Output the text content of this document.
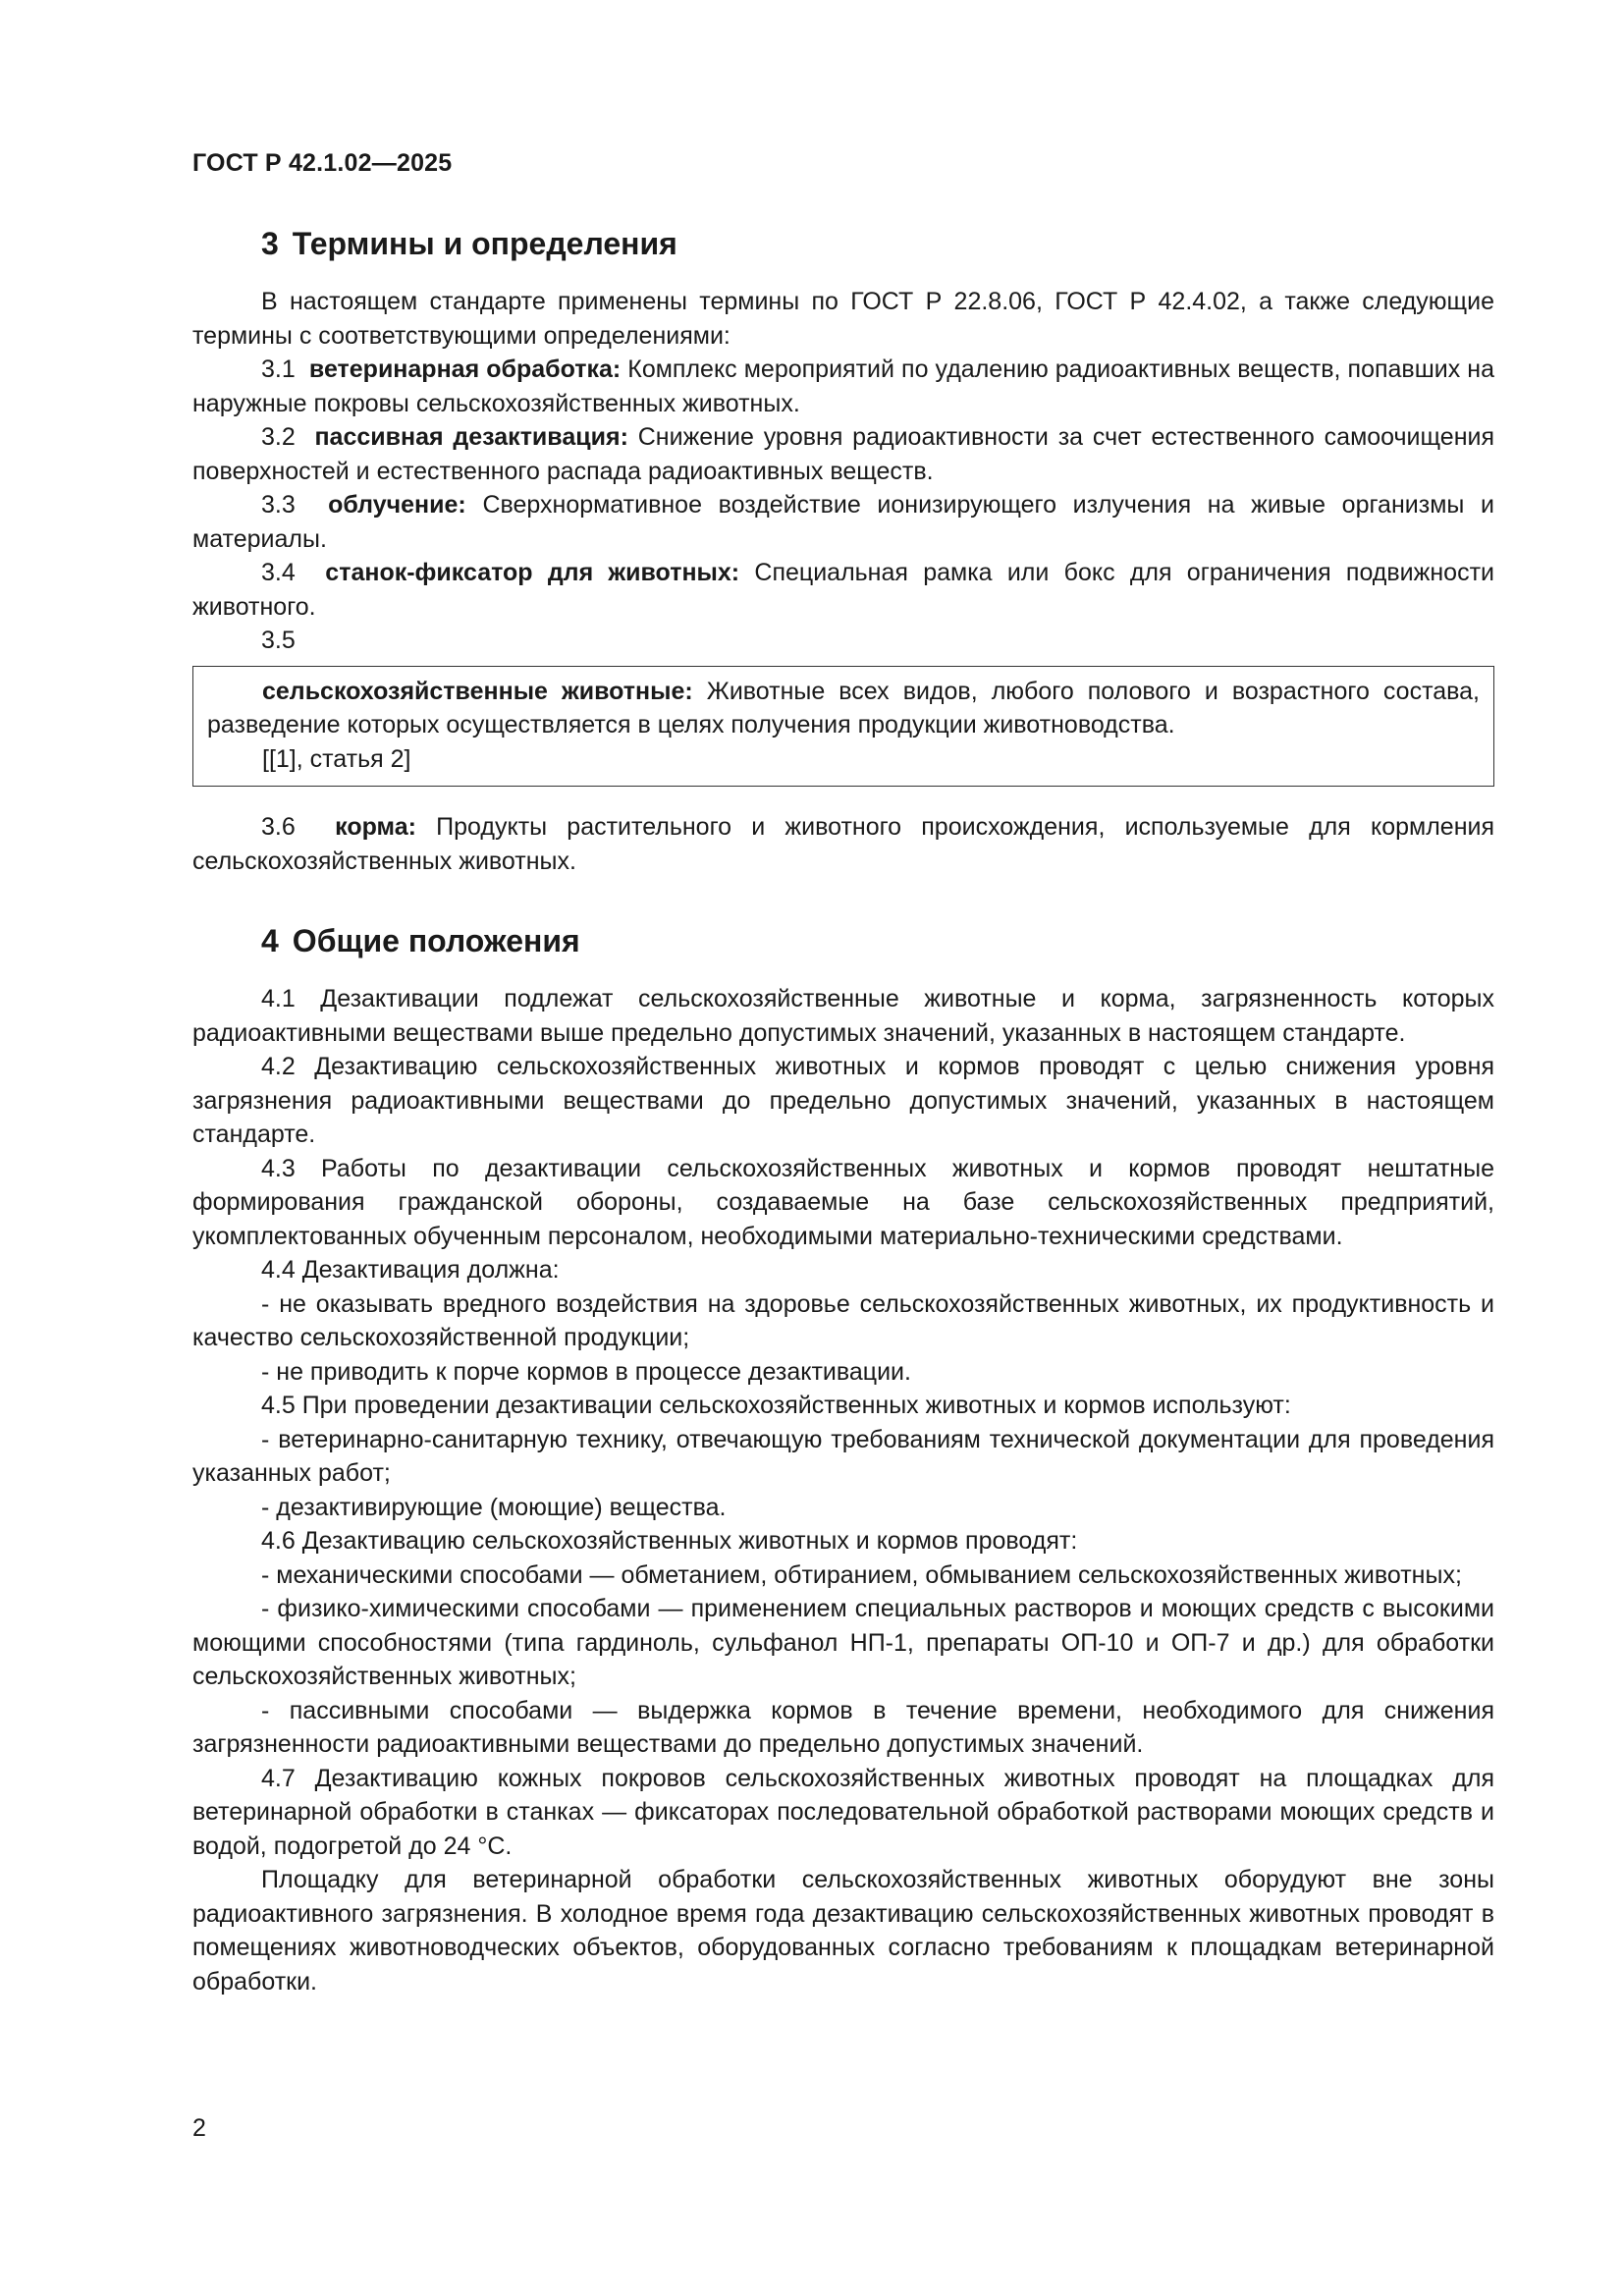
ГОСТ Р 42.1.02—2025
3 Термины и определения

В настоящем стандарте применены термины по ГОСТ Р 22.8.06, ГОСТ Р 42.4.02, а также следующие термины с соответствующими определениями:

3.1 ветеринарная обработка: Комплекс мероприятий по удалению радиоактивных веществ, попавших на наружные покровы сельскохозяйственных животных.

3.2 пассивная дезактивация: Снижение уровня радиоактивности за счет естественного самоочищения поверхностей и естественного распада радиоактивных веществ.

3.3 облучение: Сверхнормативное воздействие ионизирующего излучения на живые организмы и материалы.

3.4 станок-фиксатор для животных: Специальная рамка или бокс для ограничения подвижности животного.

3.5

сельскохозяйственные животные: Животные всех видов, любого полового и возрастного состава, разведение которых осуществляется в целях получения продукции животноводства.

[[1], статья 2]

3.6 корма: Продукты растительного и животного происхождения, используемые для кормления сельскохозяйственных животных.

4 Общие положения

4.1 Дезактивации подлежат сельскохозяйственные животные и корма, загрязненность которых радиоактивными веществами выше предельно допустимых значений, указанных в настоящем стандарте.

4.2 Дезактивацию сельскохозяйственных животных и кормов проводят с целью снижения уровня загрязнения радиоактивными веществами до предельно допустимых значений, указанных в настоящем стандарте.

4.3 Работы по дезактивации сельскохозяйственных животных и кормов проводят нештатные формирования гражданской обороны, создаваемые на базе сельскохозяйственных предприятий, укомплектованных обученным персоналом, необходимыми материально-техническими средствами.

4.4 Дезактивация должна:

- не оказывать вредного воздействия на здоровье сельскохозяйственных животных, их продуктивность и качество сельскохозяйственной продукции;

- не приводить к порче кормов в процессе дезактивации.

4.5 При проведении дезактивации сельскохозяйственных животных и кормов используют:

- ветеринарно-санитарную технику, отвечающую требованиям технической документации для проведения указанных работ;

- дезактивирующие (моющие) вещества.

4.6 Дезактивацию сельскохозяйственных животных и кормов проводят:

- механическими способами — обметанием, обтиранием, обмыванием сельскохозяйственных животных;

- физико-химическими способами — применением специальных растворов и моющих средств с высокими моющими способностями (типа гардиноль, сульфанол НП-1, препараты ОП-10 и ОП-7 и др.) для обработки сельскохозяйственных животных;

- пассивными способами — выдержка кормов в течение времени, необходимого для снижения загрязненности радиоактивными веществами до предельно допустимых значений.

4.7 Дезактивацию кожных покровов сельскохозяйственных животных проводят на площадках для ветеринарной обработки в станках — фиксаторах последовательной обработкой растворами моющих средств и водой, подогретой до 24 °С.

Площадку для ветеринарной обработки сельскохозяйственных животных оборудуют вне зоны радиоактивного загрязнения. В холодное время года дезактивацию сельскохозяйственных животных проводят в помещениях животноводческих объектов, оборудованных согласно требованиям к площадкам ветеринарной обработки.

2
